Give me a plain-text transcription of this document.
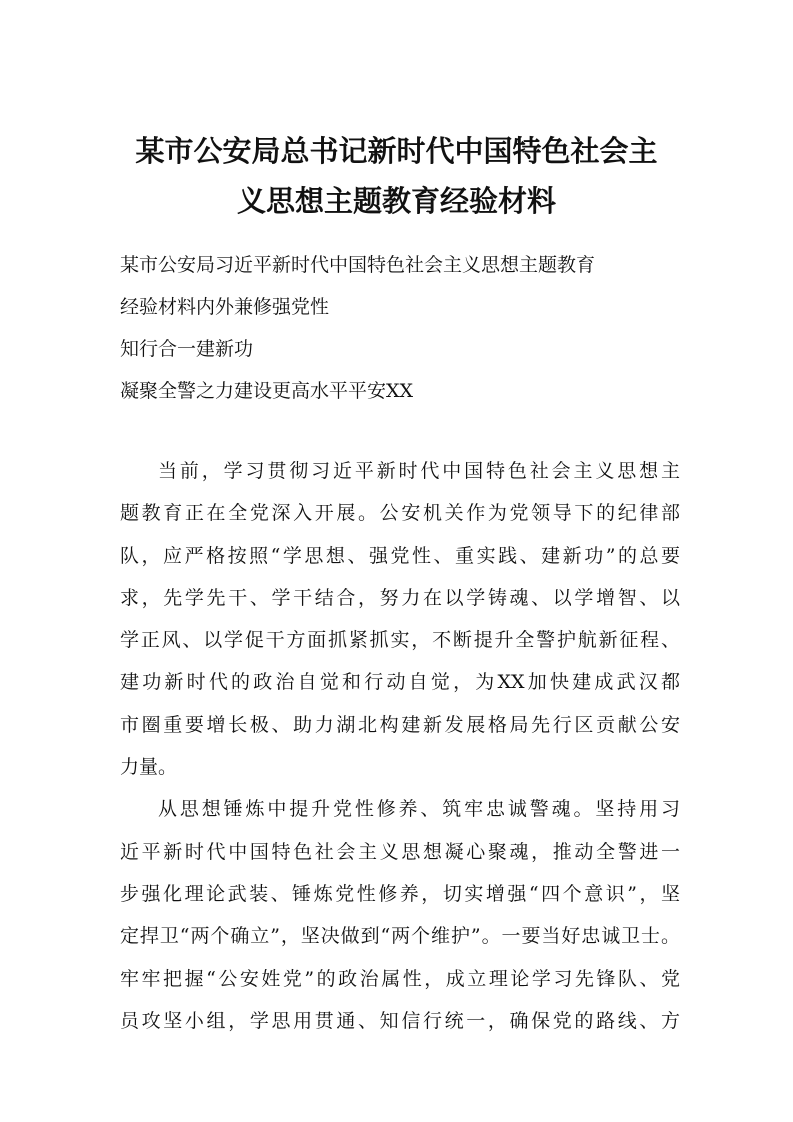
某市公安局总书记新时代中国特色社会主
义思想主题教育经验材料
某市公安局习近平新时代中国特色社会主义思想主题教育
经验材料内外兼修强党性
知行合一建新功
凝聚全警之力建设更高水平平安XX
当前，学习贯彻习近平新时代中国特色社会主义思想主
题教育正在全党深入开展。公安机关作为党领导下的纪律部
队，应严格按照“学思想、强党性、重实践、建新功”的总要
求，先学先干、学干结合，努力在以学铸魂、以学增智、以
学正风、以学促干方面抓紧抓实，不断提升全警护航新征程、
建功新时代的政治自觉和行动自觉，为XX加快建成武汉都
市圈重要增长极、助力湖北构建新发展格局先行区贡献公安
力量。
从思想锤炼中提升党性修养、筑牢忠诚警魂。坚持用习
近平新时代中国特色社会主义思想凝心聚魂，推动全警进一
步强化理论武装、锤炼党性修养，切实增强“四个意识”，坚
定捍卫“两个确立”，坚决做到“两个维护”。一要当好忠诚卫士。
牢牢把握“公安姓党”的政治属性，成立理论学习先锋队、党
员攻坚小组，学思用贯通、知信行统一，确保党的路线、方
